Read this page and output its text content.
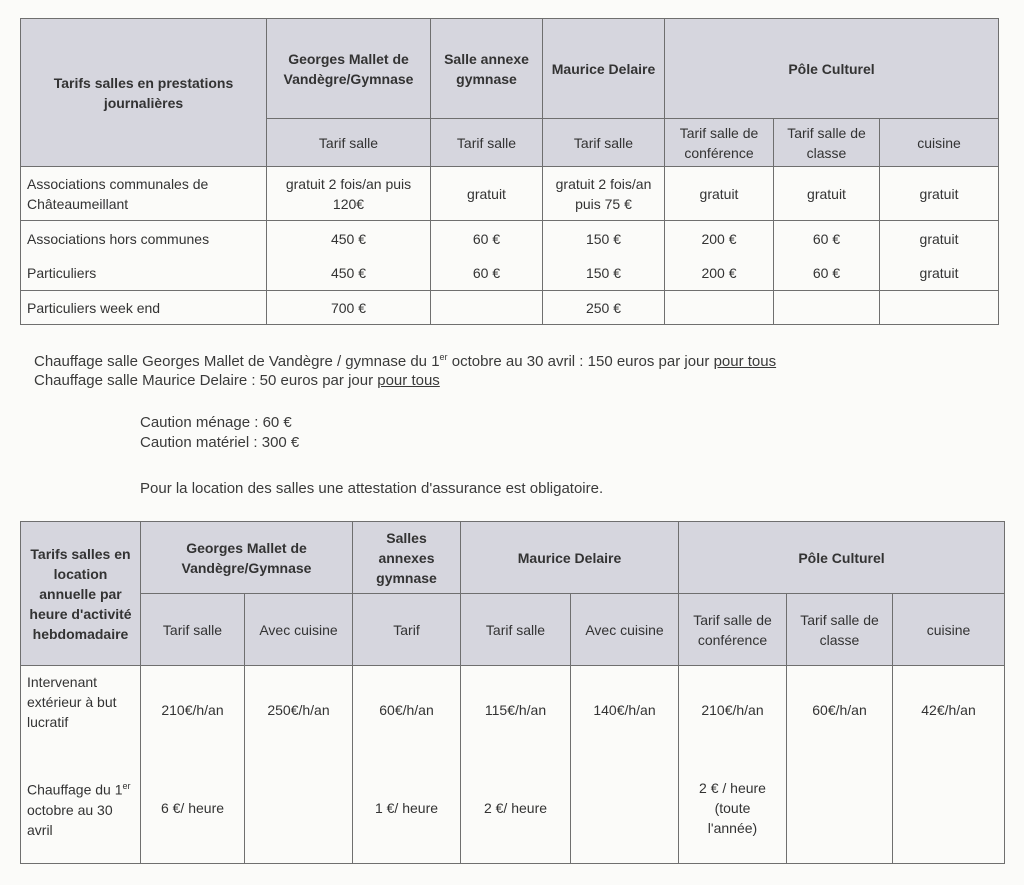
Tarifs salles en prestations journalières	Georges Mallet de Vandègre/Gymnase	Salle annexe gymnase	Maurice Delaire	Pôle Culturel		
	Tarif salle	Tarif salle	Tarif salle	Tarif salle de conférence	Tarif salle de classe	cuisine
Associations communales de Châteaumeillant	gratuit 2 fois/an puis 120€	gratuit	gratuit 2 fois/an puis 75 €	gratuit	gratuit	gratuit
Associations hors communes	450 €	60 €	150 €	200 €	60 €	gratuit
Particuliers	450 €	60 €	150 €	200 €	60 €	gratuit
Particuliers week end	700 €		250 €			
Chauffage salle Georges Mallet de Vandègre / gymnase du 1er octobre au 30 avril : 150 euros par jour pour tous
Chauffage salle Maurice Delaire : 50 euros par jour pour tous
Caution ménage : 60 €
Caution matériel : 300 €
Pour la location des salles une attestation d'assurance est obligatoire.
Tarifs salles en location annuelle par heure d'activité hebdomadaire	Georges Mallet de Vandègre/Gymnase		Salles annexes gymnase	Maurice Delaire		Pôle Culturel		
	Tarif salle	Avec cuisine	Tarif	Tarif salle	Avec cuisine	Tarif salle de conférence	Tarif salle de classe	cuisine
Intervenant extérieur à but lucratif	210€/h/an	250€/h/an	60€/h/an	115€/h/an	140€/h/an	210€/h/an	60€/h/an	42€/h/an
Chauffage du 1er octobre au 30 avril	6 €/ heure		1 €/ heure	2 €/ heure		2 € / heure (toute l'année)		
